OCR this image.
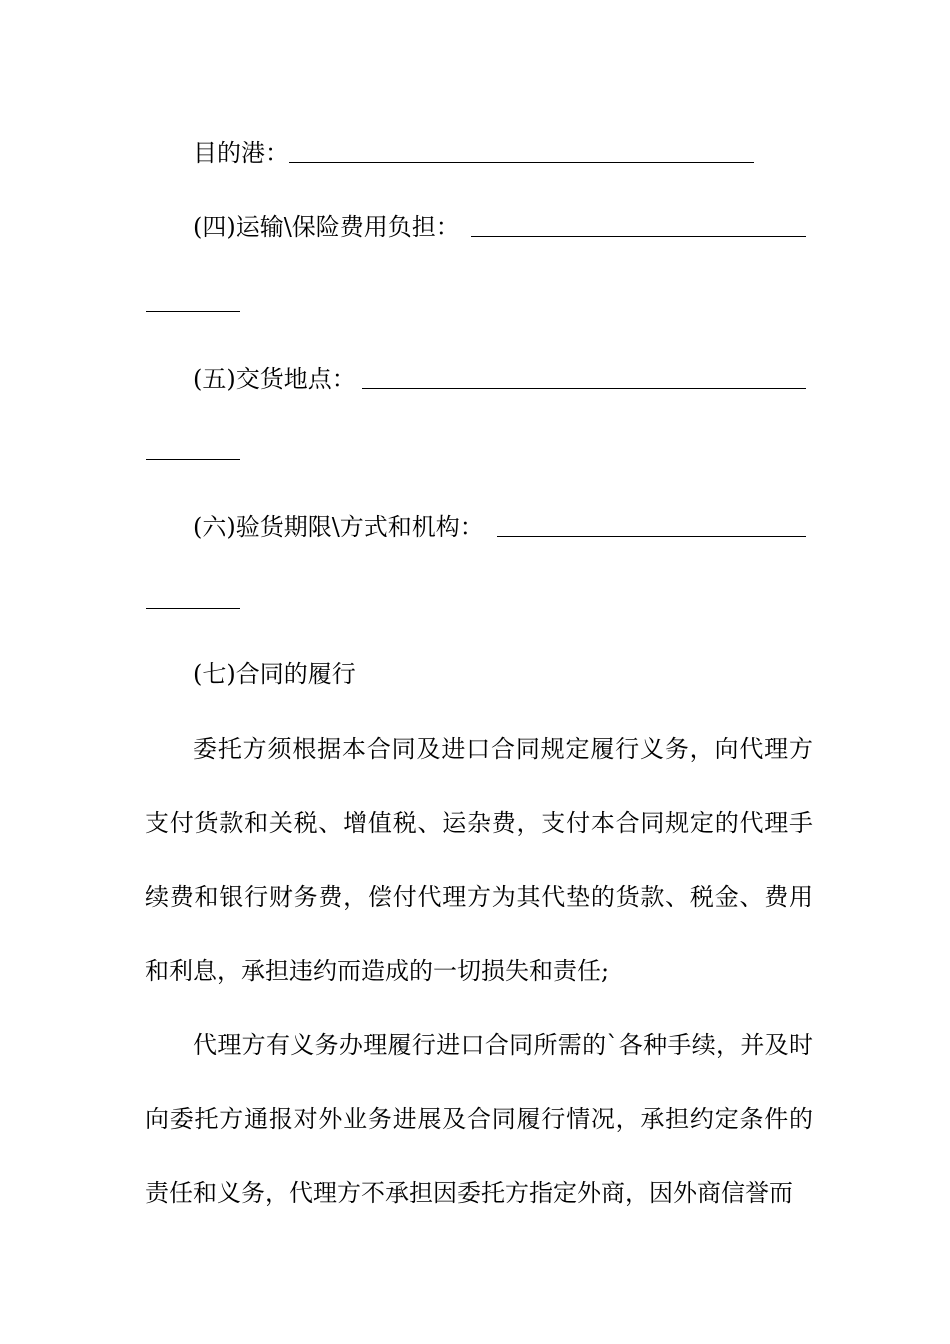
目的港：
(四)运输\保险费用负担：
(五)交货地点：
(六)验货期限\方式和机构：
(七)合同的履行
委托方须根据本合同及进口合同规定履行义务，向代理方支付货款和关税、增值税、运杂费，支付本合同规定的代理手续费和银行财务费，偿付代理方为其代垫的货款、税金、费用和利息，承担违约而造成的一切损失和责任;
代理方有义务办理履行进口合同所需的`各种手续，并及时向委托方通报对外业务进展及合同履行情况，承担约定条件的责任和义务，代理方不承担因委托方指定外商，因外商信誉而
